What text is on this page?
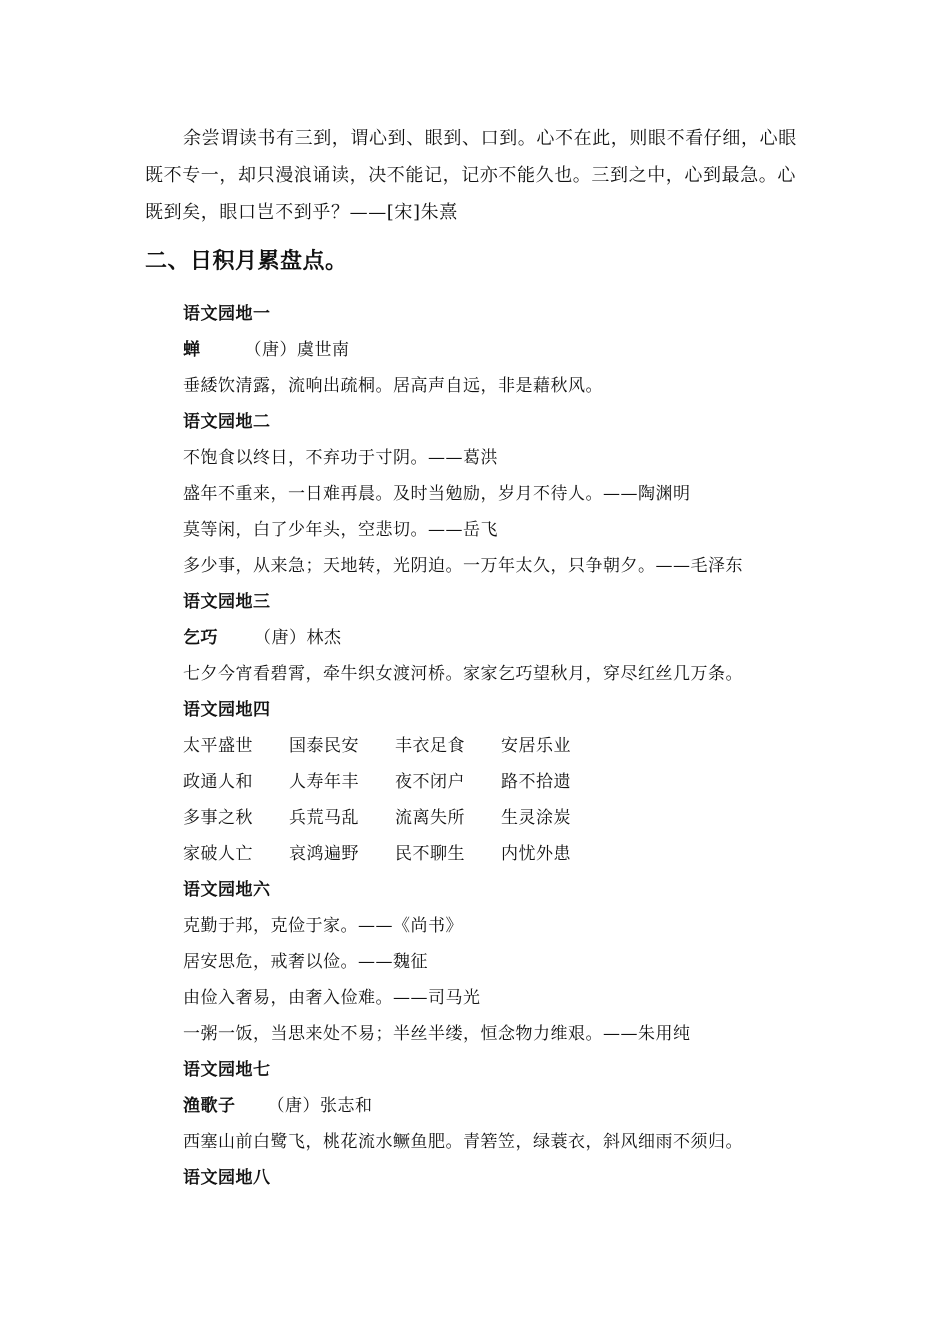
余尝谓读书有三到，谓心到、眼到、口到。心不在此，则眼不看仔细，心眼既不专一，却只漫浪诵读，决不能记，记亦不能久也。三到之中，心到最急。心既到矣，眼口岂不到乎？——[宋]朱熹

二、日积月累盘点。
语文园地一
蝉	（唐）虞世南
垂緌饮清露，流响出疏桐。居高声自远，非是藉秋风。
语文园地二
不饱食以终日，不弃功于寸阴。——葛洪
盛年不重来，一日难再晨。及时当勉励，岁月不待人。——陶渊明
莫等闲，白了少年头，空悲切。——岳飞
多少事，从来急；天地转，光阴迫。一万年太久，只争朝夕。——毛泽东
语文园地三
乞巧 （唐）林杰
七夕今宵看碧霄，牵牛织女渡河桥。家家乞巧望秋月，穿尽红丝几万条。
语文园地四
太平盛世 国泰民安 丰衣足食 安居乐业
政通人和 人寿年丰 夜不闭户 路不拾遗
多事之秋 兵荒马乱 流离失所 生灵涂炭
家破人亡 哀鸿遍野 民不聊生 内忧外患
语文园地六
克勤于邦，克俭于家。——《尚书》
居安思危，戒奢以俭。——魏征
由俭入奢易，由奢入俭难。——司马光
一粥一饭，当思来处不易；半丝半缕，恒念物力维艰。——朱用纯
语文园地七
渔歌子 （唐）张志和
西塞山前白鹭飞，桃花流水鳜鱼肥。青箬笠，绿蓑衣，斜风细雨不须归。
语文园地八
